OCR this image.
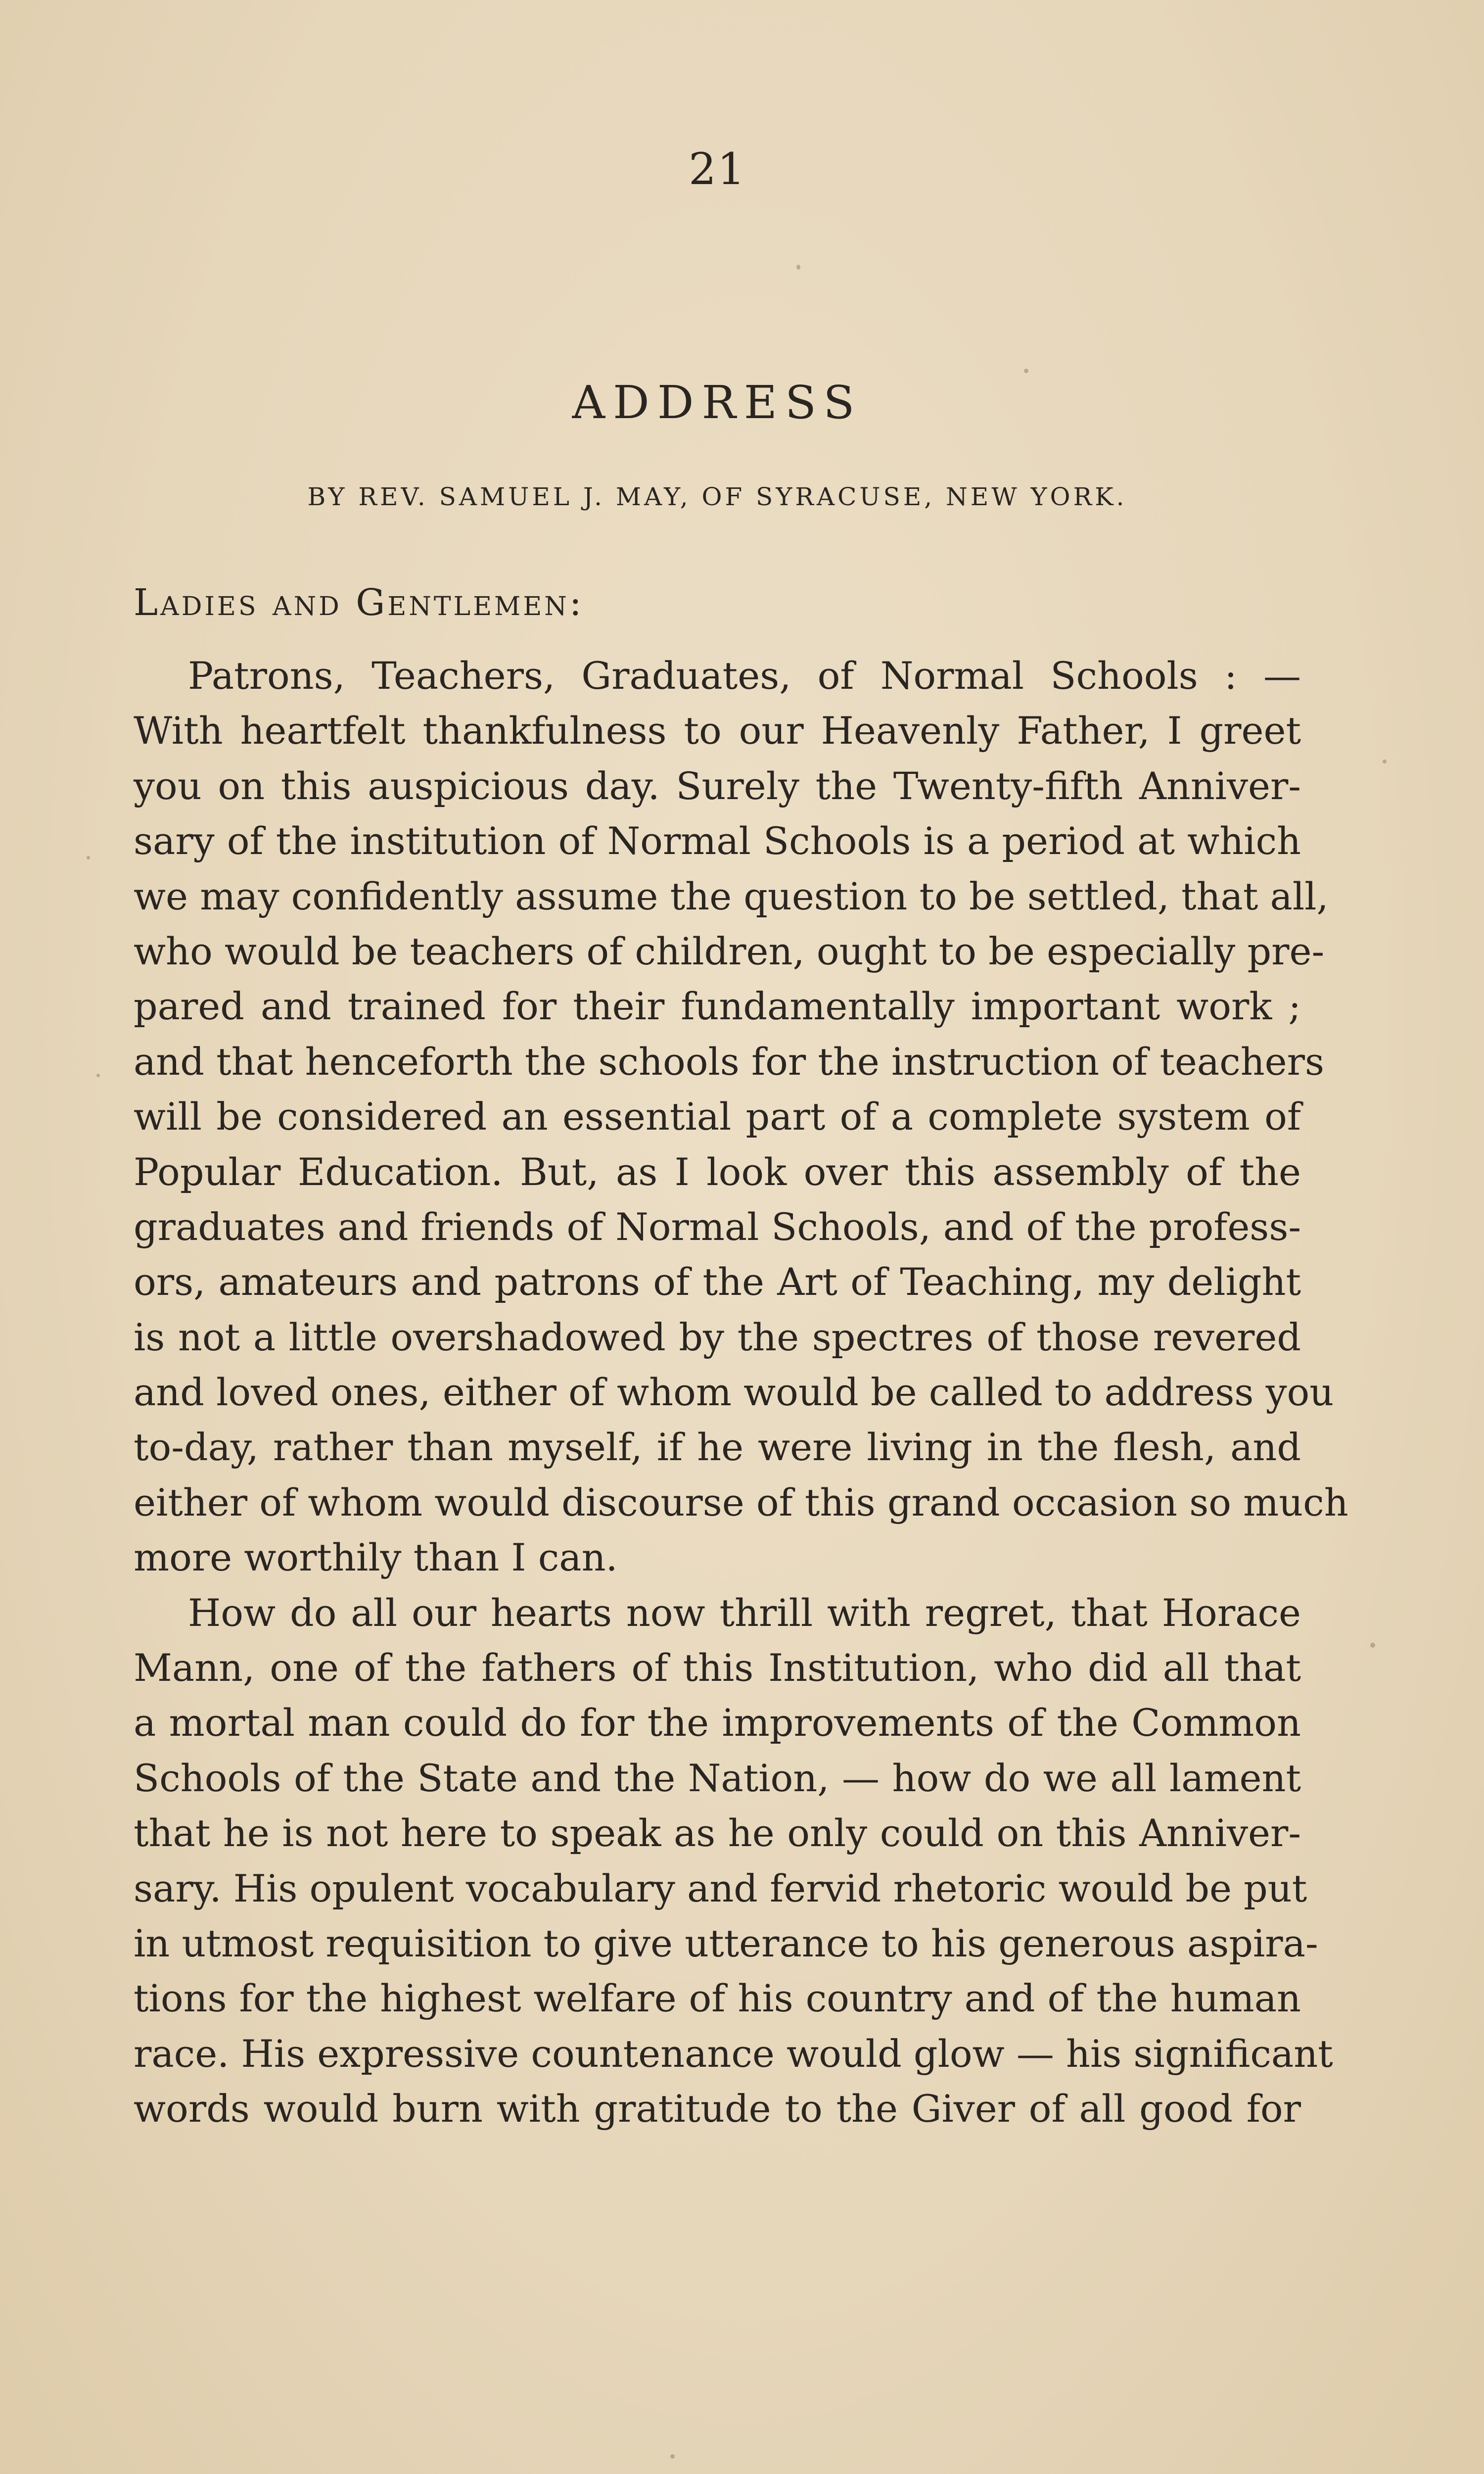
21
ADDRESS
BY REV. SAMUEL J. MAY, OF SYRACUSE, NEW YORK.
Ladies and Gentlemen:
Patrons, Teachers, Graduates, of Normal Schools : —
With heartfelt thankfulness to our Heavenly Father, I greet
you on this auspicious day. Surely the Twenty-fifth Anniver-
sary of the institution of Normal Schools is a period at which
we may confidently assume the question to be settled, that all,
who would be teachers of children, ought to be especially pre-
pared and trained for their fundamentally important work ;
and that henceforth the schools for the instruction of teachers
will be considered an essential part of a complete system of
Popular Education. But, as I look over this assembly of the
graduates and friends of Normal Schools, and of the profess-
ors, amateurs and patrons of the Art of Teaching, my delight
is not a little overshadowed by the spectres of those revered
and loved ones, either of whom would be called to address you
to-day, rather than myself, if he were living in the flesh, and
either of whom would discourse of this grand occasion so much
more worthily than I can.
How do all our hearts now thrill with regret, that Horace
Mann, one of the fathers of this Institution, who did all that
a mortal man could do for the improvements of the Common
Schools of the State and the Nation, — how do we all lament
that he is not here to speak as he only could on this Anniver-
sary. His opulent vocabulary and fervid rhetoric would be put
in utmost requisition to give utterance to his generous aspira-
tions for the highest welfare of his country and of the human
race. His expressive countenance would glow — his significant
words would burn with gratitude to the Giver of all good for
